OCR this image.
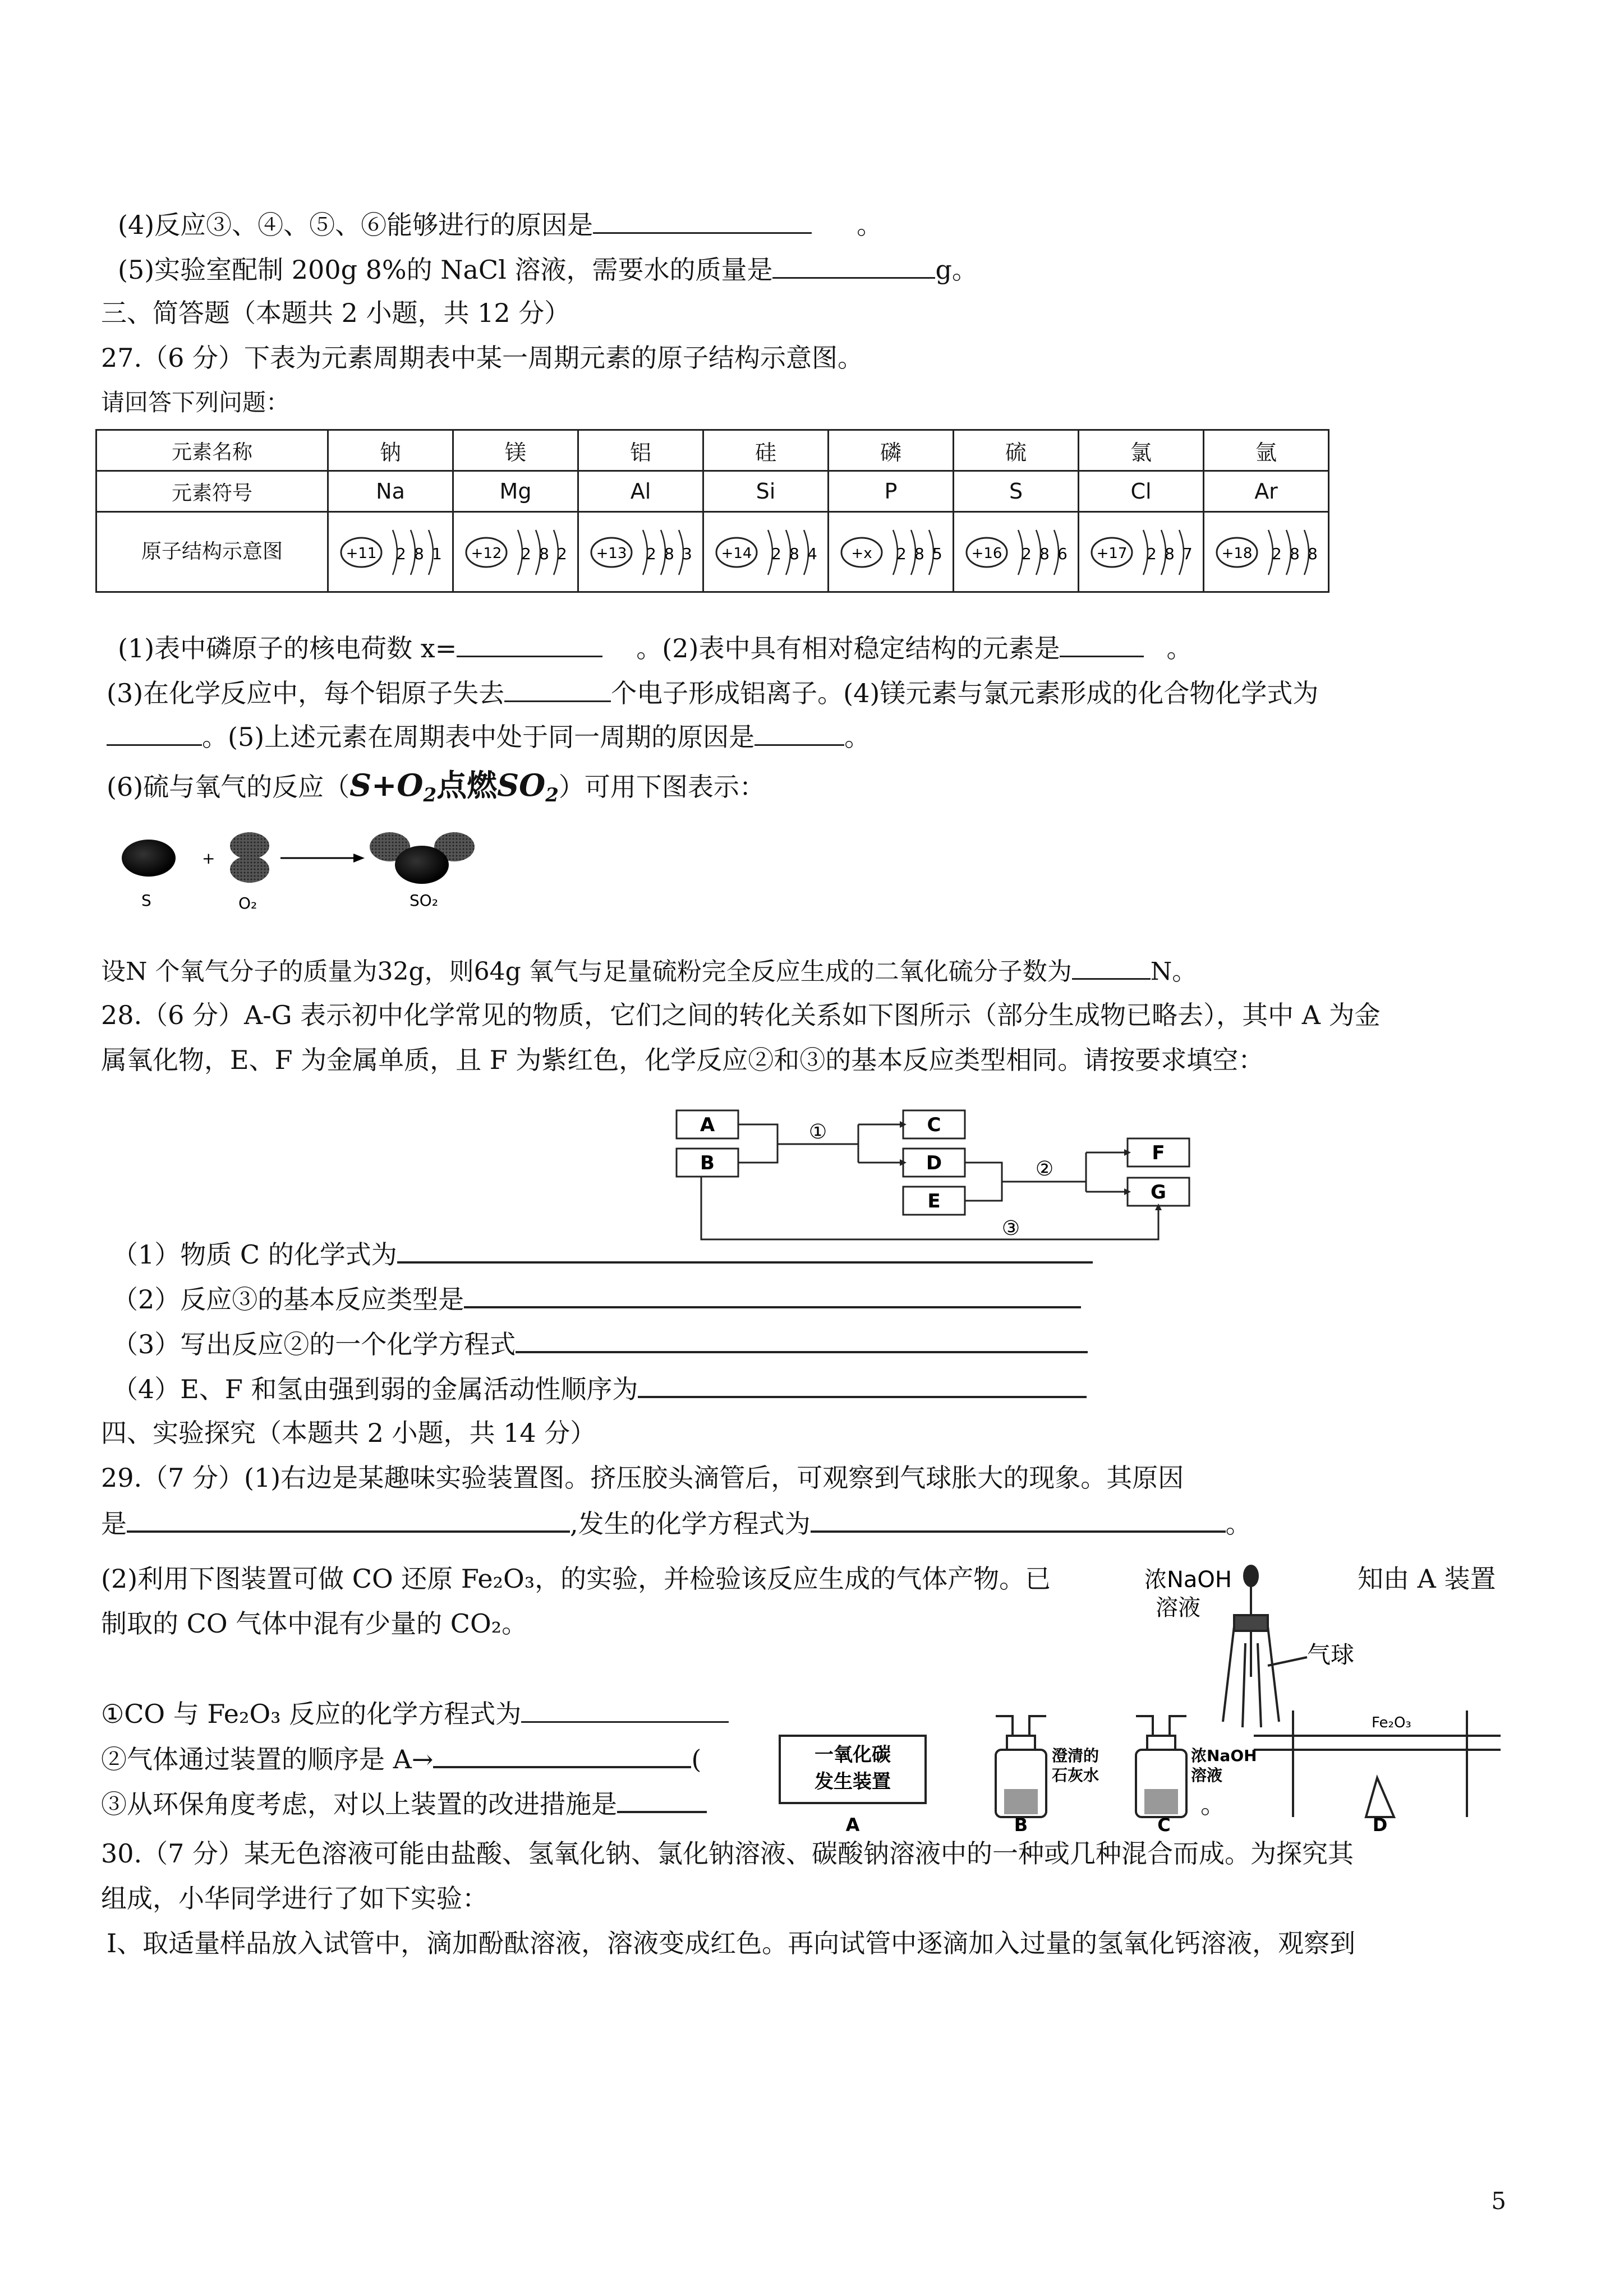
(4)反应③、④、⑤、⑥能够进行的原因是	。
(5)实验室配制 200g 8%的 NaCl 溶液，需要水的质量是	g。
三、简答题（本题共 2 小题，共 12 分）
27.（6 分）下表为元素周期表中某一周期元素的原子结构示意图。
请回答下列问题：
元素名称	钠	镁	铝	硅	磷	硫	氯	氩
元素符号	Na	Mg	Al	Si	P	S	Cl	Ar
原子结构示意图	+11 2 8 1	+12 2 8 2	+13 2 8 3	+14 2 8 4	+x 2 8 5	+16 2 8 6	+17 2 8 7	+18 2 8 8
(1)表中磷原子的核电荷数 x=	。(2)表中具有相对稳定结构的元素是	。
(3)在化学反应中，每个铝原子失去	个电子形成铝离子。(4)镁元素与氯元素形成的化合物化学式为
。(5)上述元素在周期表中处于同一周期的原因是	。
(6)硫与氧气的反应（$S+O_2$点燃$SO_2$）可用下图表示：
+
S	O₂	SO₂
设N 个氧气分子的质量为32g，则64g 氧气与足量硫粉完全反应生成的二氧化硫分子数为	N。
28.（6 分）A-G 表示初中化学常见的物质，它们之间的转化关系如下图所示（部分生成物已略去），其中 A 为金
属氧化物，E、F 为金属单质，且 F 为紫红色，化学反应②和③的基本反应类型相同。请按要求填空：
A
B
C
D
E
F
G
①
②
③
（1）物质 C 的化学式为
（2）反应③的基本反应类型是
（3）写出反应②的一个化学方程式
（4）E、F 和氢由强到弱的金属活动性顺序为
四、实验探究（本题共 2 小题，共 14 分）
29.（7 分）(1)右边是某趣味实验装置图。挤压胶头滴管后，可观察到气球胀大的现象。其原因
是	,发生的化学方程式为	。
(2)利用下图装置可做 CO 还原 Fe₂O₃，的实验，并检验该反应生成的气体产物。已	知由 A 装置
制取的 CO 气体中混有少量的 CO₂。
浓NaOH
溶液
气球
①CO 与 Fe₂O₃ 反应的化学方程式为
②气体通过装置的顺序是 A→	(
③从环保角度考虑，对以上装置的改进措施是	。
一氧化碳
发生装置
澄清的
石灰水
浓NaOH
溶液
Fe₂O₃
A	B	C	D
30.（7 分）某无色溶液可能由盐酸、氢氧化钠、氯化钠溶液、碳酸钠溶液中的一种或几种混合而成。为探究其
组成，小华同学进行了如下实验：
Ⅰ、取适量样品放入试管中，滴加酚酞溶液，溶液变成红色。再向试管中逐滴加入过量的氢氧化钙溶液，观察到
5
